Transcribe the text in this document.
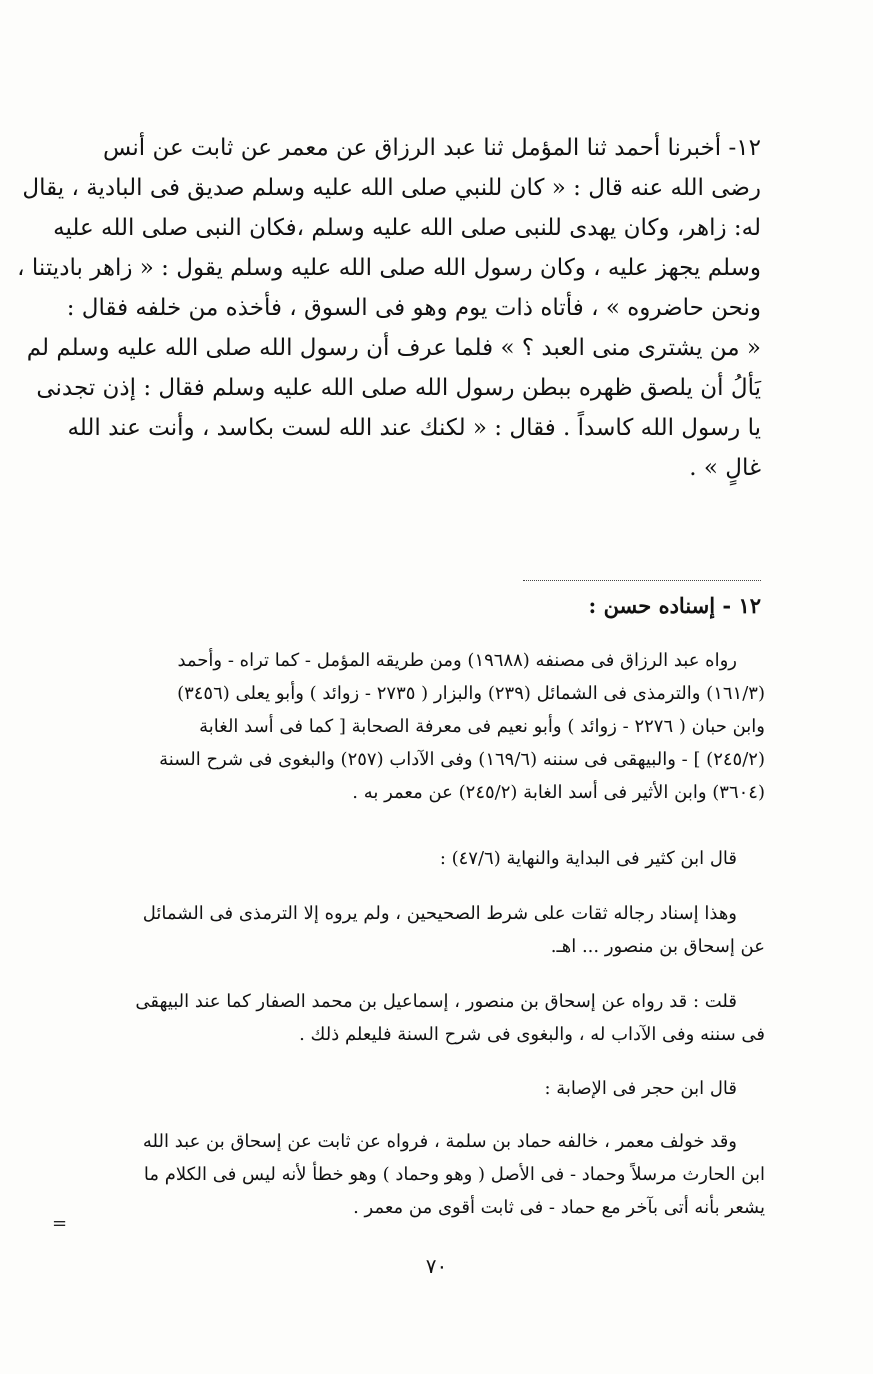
١٢- أخبرنا أحمد ثنا المؤمل ثنا عبد الرزاق عن معمر عن ثابت عن أنس
رضى الله عنه قال : « كان للنبي صلى الله عليه وسلم صديق فى البادية ، يقال
له: زاهر، وكان يهدى للنبى صلى الله عليه وسلم ،فكان النبى صلى الله عليه
وسلم يجهز عليه ، وكان رسول الله صلى الله عليه وسلم يقول : « زاهر باديتنا ،
ونحن حاضروه » ، فأتاه ذات يوم وهو فى السوق ، فأخذه من خلفه فقال :
« من يشترى منى العبد ؟ » فلما عرف أن رسول الله صلى الله عليه وسلم لم
يَألُ أن يلصق ظهره ببطن رسول الله صلى الله عليه وسلم فقال : إذن تجدنى
يا رسول الله كاسداً . فقال : « لكنك عند الله لست بكاسد ، وأنت عند الله
غالٍ » .
١٢ - إسناده حسن :
رواه عبد الرزاق فى مصنفه (١٩٦٨٨) ومن طريقه المؤمل - كما تراه - وأحمد
(١٦١/٣) والترمذى فى الشمائل (٢٣٩) والبزار ( ٢٧٣٥ - زوائد ) وأبو يعلى (٣٤٥٦)
وابن حبان ( ٢٢٧٦ - زوائد ) وأبو نعيم فى معرفة الصحابة [ كما فى أسد الغابة
(٢٤٥/٢) ] - والبيهقى فى سننه (١٦٩/٦) وفى الآداب (٢٥٧) والبغوى فى شرح السنة
(٣٦٠٤) وابن الأثير فى أسد الغابة (٢٤٥/٢) عن معمر به .
قال ابن كثير فى البداية والنهاية (٤٧/٦) :
وهذا إسناد رجاله ثقات على شرط الصحيحين ، ولم يروه إلا الترمذى فى الشمائل
عن إسحاق بن منصور ... اهـ.
قلت : قد رواه عن إسحاق بن منصور ، إسماعيل بن محمد الصفار كما عند البيهقى
فى سننه وفى الآداب له ، والبغوى فى شرح السنة فليعلم ذلك .
قال ابن حجر فى الإصابة :
وقد خولف معمر ، خالفه حماد بن سلمة ، فرواه عن ثابت عن إسحاق بن عبد الله
ابن الحارث مرسلاً وحماد - فى الأصل ( وهو وحماد ) وهو خطأ لأنه ليس فى الكلام ما
يشعر بأنه أتى بآخر مع حماد - فى ثابت أقوى من معمر .
=
٧٠
